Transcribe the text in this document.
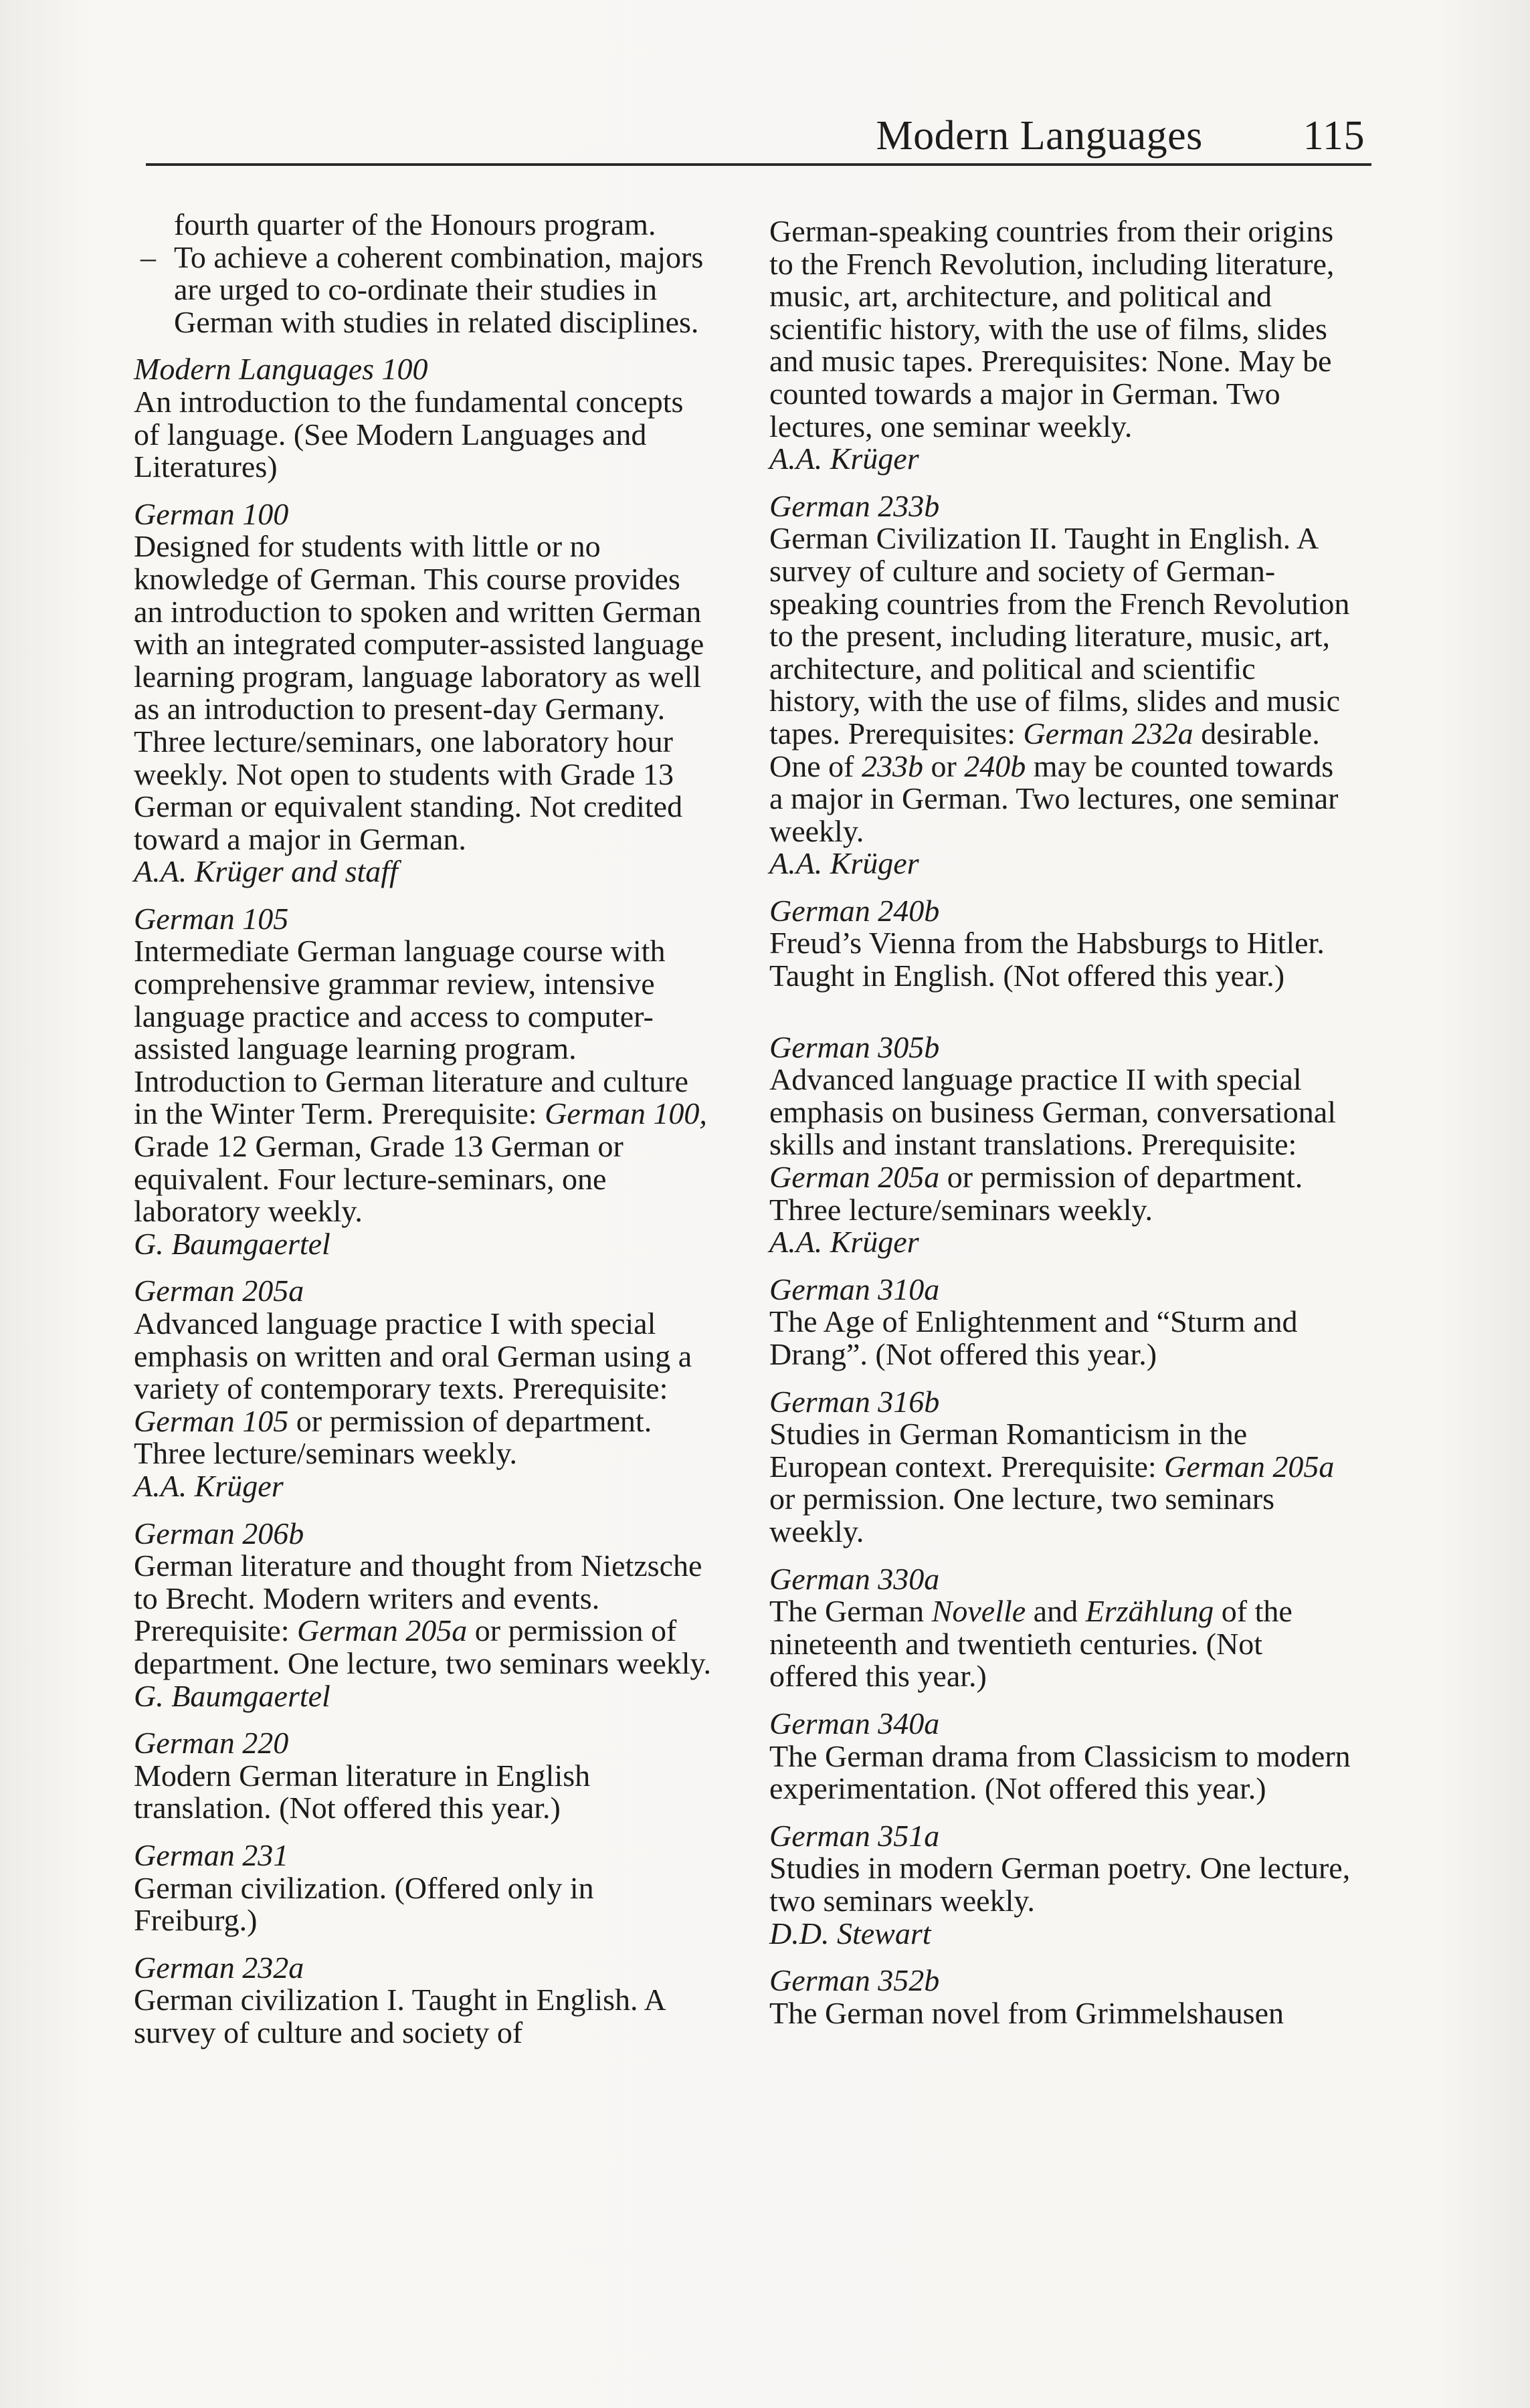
Modern Languages 115

fourth quarter of the Honours program.

– To achieve a coherent combination, majors are urged to co-ordinate their studies in German with studies in related disciplines.

Modern Languages 100

An introduction to the fundamental concepts of language. (See Modern Languages and Literatures)

German 100

Designed for students with little or no knowledge of German. This course provides an introduction to spoken and written German with an integrated computer-assisted language learning program, language laboratory as well as an introduction to present-day Germany. Three lecture/seminars, one laboratory hour weekly. Not open to students with Grade 13 German or equivalent standing. Not credited toward a major in German.

A.A. Krüger and staff

German 105

Intermediate German language course with comprehensive grammar review, intensive language practice and access to computer-assisted language learning program. Introduction to German literature and culture in the Winter Term. Prerequisite: German 100, Grade 12 German, Grade 13 German or equivalent. Four lecture-seminars, one laboratory weekly.

G. Baumgaertel

German 205a

Advanced language practice I with special emphasis on written and oral German using a variety of contemporary texts. Prerequisite: German 105 or permission of department. Three lecture/seminars weekly.

A.A. Krüger

German 206b

German literature and thought from Nietzsche to Brecht. Modern writers and events. Prerequisite: German 205a or permission of department. One lecture, two seminars weekly.

G. Baumgaertel

German 220

Modern German literature in English translation. (Not offered this year.)

German 231

German civilization. (Offered only in Freiburg.)

German 232a

German civilization I. Taught in English. A survey of culture and society of

German-speaking countries from their origins to the French Revolution, including literature, music, art, architecture, and political and scientific history, with the use of films, slides and music tapes. Prerequisites: None. May be counted towards a major in German. Two lectures, one seminar weekly.

A.A. Krüger

German 233b

German Civilization II. Taught in English. A survey of culture and society of German-speaking countries from the French Revolution to the present, including literature, music, art, architecture, and political and scientific history, with the use of films, slides and music tapes. Prerequisites: German 232a desirable. One of 233b or 240b may be counted towards a major in German. Two lectures, one seminar weekly.

A.A. Krüger

German 240b

Freud’s Vienna from the Habsburgs to Hitler. Taught in English. (Not offered this year.)

German 305b

Advanced language practice II with special emphasis on business German, conversational skills and instant translations. Prerequisite: German 205a or permission of department. Three lecture/seminars weekly.

A.A. Krüger

German 310a

The Age of Enlightenment and “Sturm and Drang”. (Not offered this year.)

German 316b

Studies in German Romanticism in the European context. Prerequisite: German 205a or permission. One lecture, two seminars weekly.

German 330a

The German Novelle and Erzählung of the nineteenth and twentieth centuries. (Not offered this year.)

German 340a

The German drama from Classicism to modern experimentation. (Not offered this year.)

German 351a

Studies in modern German poetry. One lecture, two seminars weekly.

D.D. Stewart

German 352b

The German novel from Grimmelshausen
